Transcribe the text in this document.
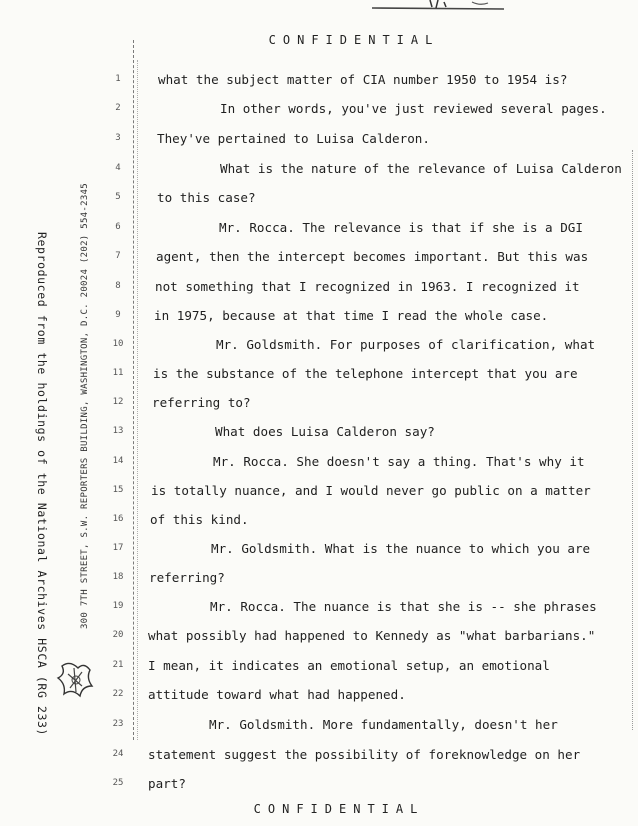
CONFIDENTIAL
Reproduced from the holdings of the National Archives HSCA (RG 233)	300 7TH STREET, S.W. REPORTERS BUILDING, WASHINGTON, D.C. 20024 (202) 554-2345
1
2
3
4
5
6
7
8
9
10
11
12
13
14
15
16
17
18
19
20
21
22
23
24
25
what the subject matter of CIA number 1950 to 1954 is?
In other words, you've just reviewed several pages.
They've pertained to Luisa Calderon.
What is the nature of the relevance of Luisa Calderon
to this case?
Mr. Rocca. The relevance is that if she is a DGI
agent, then the intercept becomes important. But this was
not something that I recognized in 1963. I recognized it
in 1975, because at that time I read the whole case.
Mr. Goldsmith. For purposes of clarification, what
is the substance of the telephone intercept that you are
referring to?
What does Luisa Calderon say?
Mr. Rocca. She doesn't say a thing. That's why it
is totally nuance, and I would never go public on a matter
of this kind.
Mr. Goldsmith. What is the nuance to which you are
referring?
Mr. Rocca. The nuance is that she is -- she phrases
what possibly had happened to Kennedy as "what barbarians."
I mean, it indicates an emotional setup, an emotional
attitude toward what had happened.
Mr. Goldsmith. More fundamentally, doesn't her
statement suggest the possibility of foreknowledge on her
part?
CONFIDENTIAL
